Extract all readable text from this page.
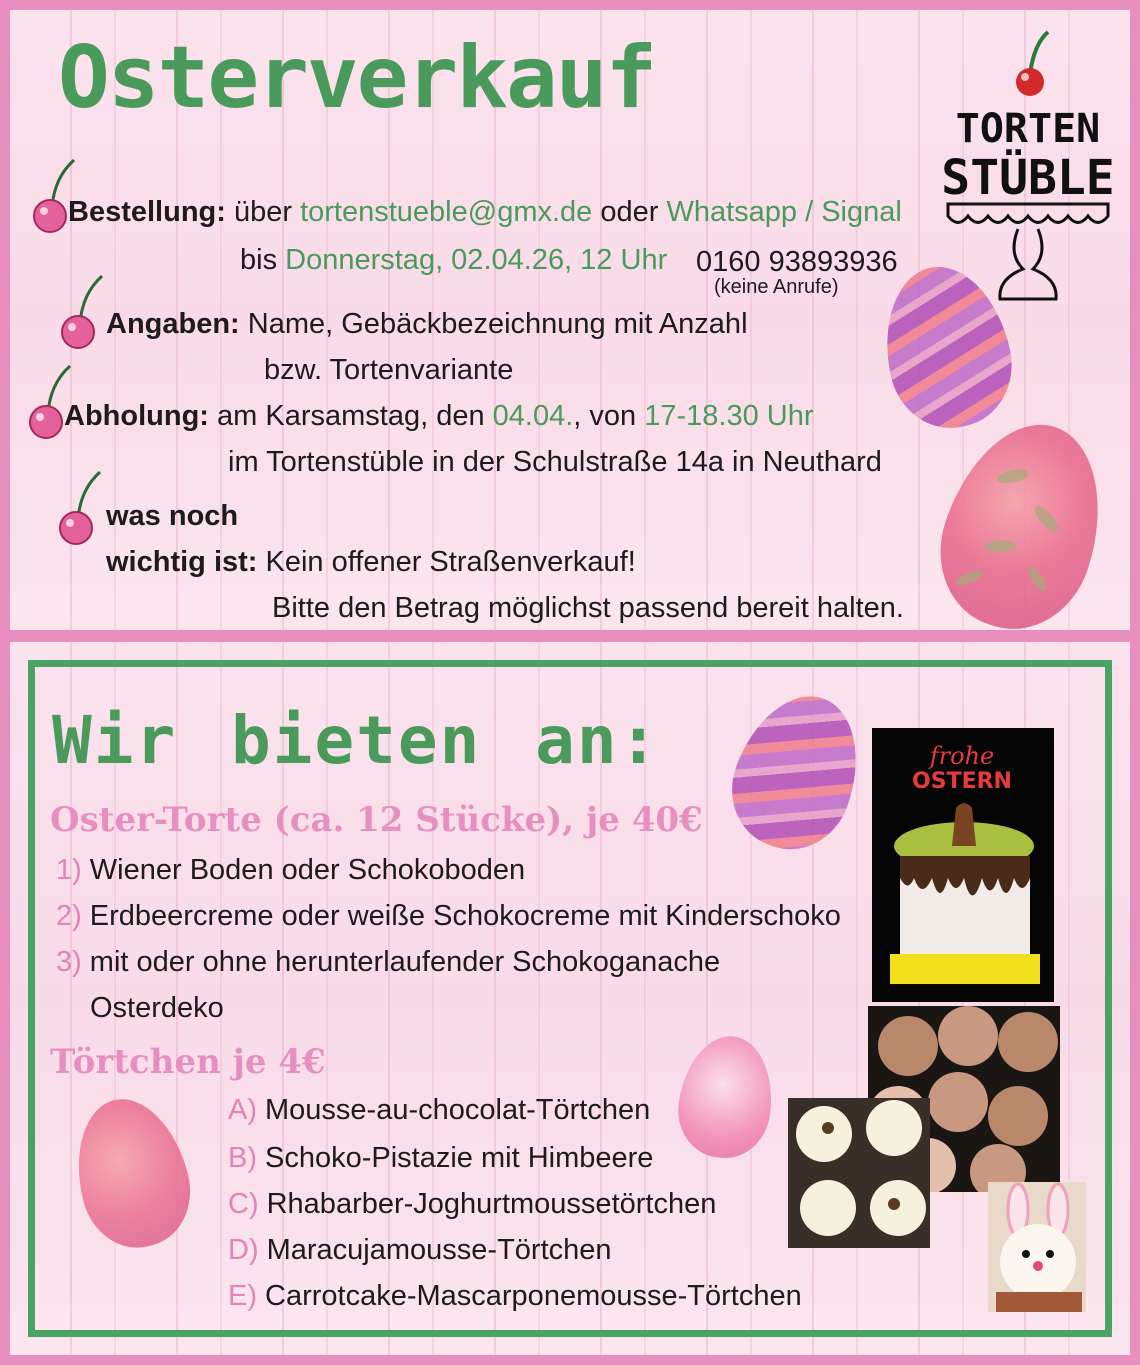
Osterverkauf
TORTEN
STÜBLE
Bestellung: über tortenstueble@gmx.de oder Whatsapp / Signal
bis Donnerstag, 02.04.26, 12 Uhr 0160 93893936
(keine Anrufe)
Angaben: Name, Gebäckbezeichnung mit Anzahl
bzw. Tortenvariante
Abholung: am Karsamstag, den 04.04., von 17-18.30 Uhr
im Tortenstüble in der Schulstraße 14a in Neuthard
was noch
wichtig ist: Kein offener Straßenverkauf!
Bitte den Betrag möglichst passend bereit halten.
Wir bieten an:
Oster-Torte (ca. 12 Stücke), je 40€
1) Wiener Boden oder Schokoboden
2) Erdbeercreme oder weiße Schokocreme mit Kinderschoko
3) mit oder ohne herunterlaufender Schokoganache
Osterdeko
Törtchen je 4€
A) Mousse-au-chocolat-Törtchen
B) Schoko-Pistazie mit Himbeere
C) Rhabarber-Joghurtmoussetörtchen
D) Maracujamousse-Törtchen
E) Carrotcake-Mascarponemousse-Törtchen
frohe
OSTERN
